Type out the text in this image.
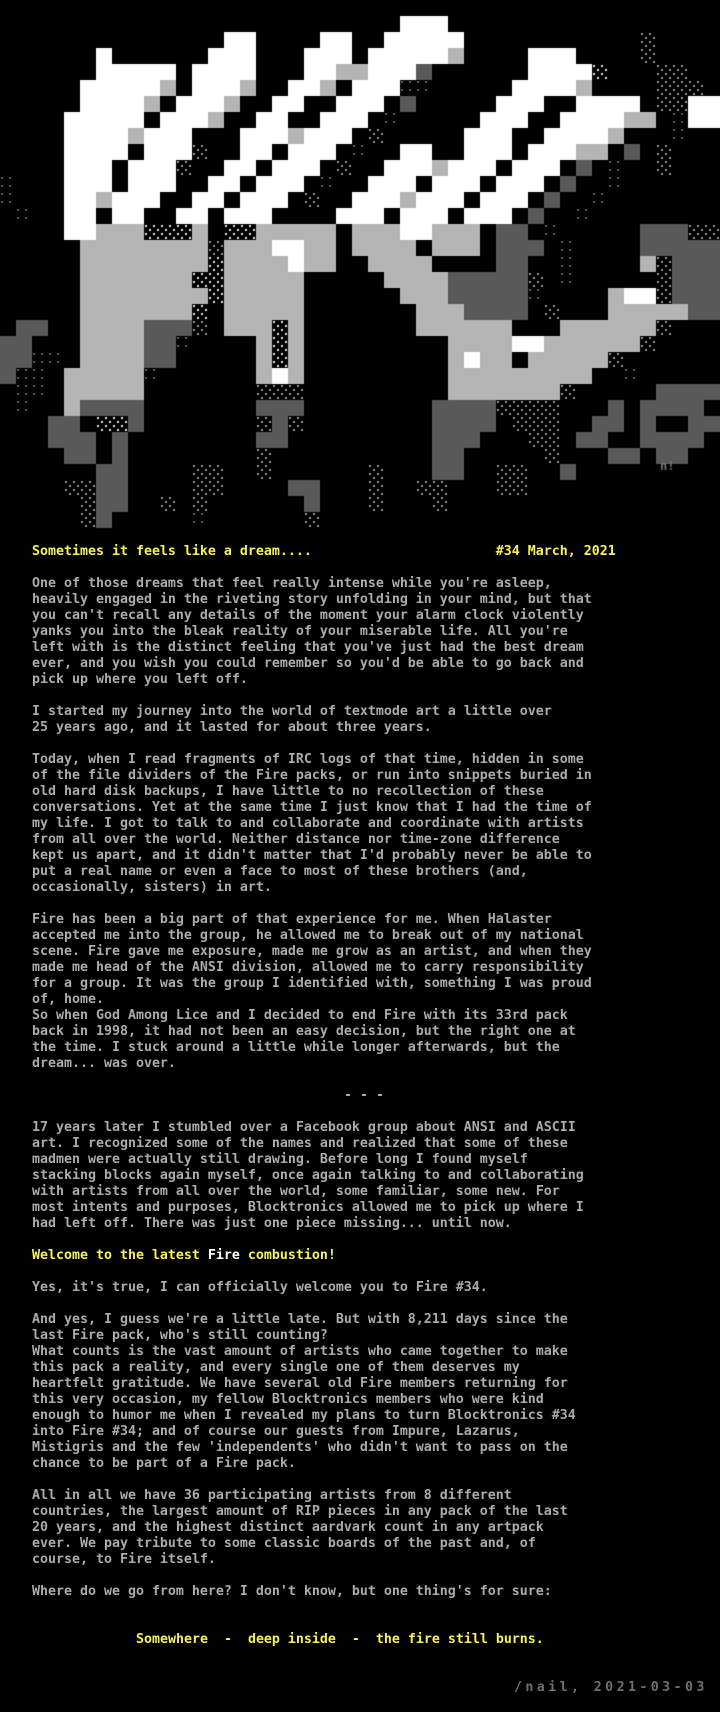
Sometimes it feels like a dream....                       #34 March, 2021
One of those dreams that feel really intense while you're asleep,
heavily engaged in the riveting story unfolding in your mind, but that
you can't recall any details of the moment your alarm clock violently
yanks you into the bleak reality of your miserable life. All you're
left with is the distinct feeling that you've just had the best dream
ever, and you wish you could remember so you'd be able to go back and
pick up where you left off.
I started my journey into the world of textmode art a little over
25 years ago, and it lasted for about three years.
Today, when I read fragments of IRC logs of that time, hidden in some
of the file dividers of the Fire packs, or run into snippets buried in
old hard disk backups, I have little to no recollection of these
conversations. Yet at the same time I just know that I had the time of
my life. I got to talk to and collaborate and coordinate with artists
from all over the world. Neither distance nor time-zone difference
kept us apart, and it didn't matter that I'd probably never be able to
put a real name or even a face to most of these brothers (and,
occasionally, sisters) in art.
Fire has been a big part of that experience for me. When Halaster
accepted me into the group, he allowed me to break out of my national
scene. Fire gave me exposure, made me grow as an artist, and when they
made me head of the ANSI division, allowed me to carry responsibility
for a group. It was the group I identified with, something I was proud
of, home.
So when God Among Lice and I decided to end Fire with its 33rd pack
back in 1998, it had not been an easy decision, but the right one at
the time. I stuck around a little while longer afterwards, but the
dream... was over.
- - -
17 years later I stumbled over a Facebook group about ANSI and ASCII
art. I recognized some of the names and realized that some of these
madmen were actually still drawing. Before long I found myself
stacking blocks again myself, once again talking to and collaborating
with artists from all over the world, some familiar, some new. For
most intents and purposes, Blocktronics allowed me to pick up where I
had left off. There was just one piece missing... until now.
Welcome to the latest Fire combustion!
Yes, it's true, I can officially welcome you to Fire #34.
And yes, I guess we're a little late. But with 8,211 days since the
last Fire pack, who's still counting?
What counts is the vast amount of artists who came together to make
this pack a reality, and every single one of them deserves my
heartfelt gratitude. We have several old Fire members returning for
this very occasion, my fellow Blocktronics members who were kind
enough to humor me when I revealed my plans to turn Blocktronics #34
into Fire #34; and of course our guests from Impure, Lazarus,
Mistigris and the few 'independents' who didn't want to pass on the
chance to be part of a Fire pack.
All in all we have 36 participating artists from 8 different
countries, the largest amount of RIP pieces in any pack of the last
20 years, and the highest distinct aardvark count in any artpack
ever. We pay tribute to some classic boards of the past and, of
course, to Fire itself.
Where do we go from here? I don't know, but one thing's for sure:
Somewhere  -  deep inside  -  the fire still burns.
/nail, 2021-03-03
